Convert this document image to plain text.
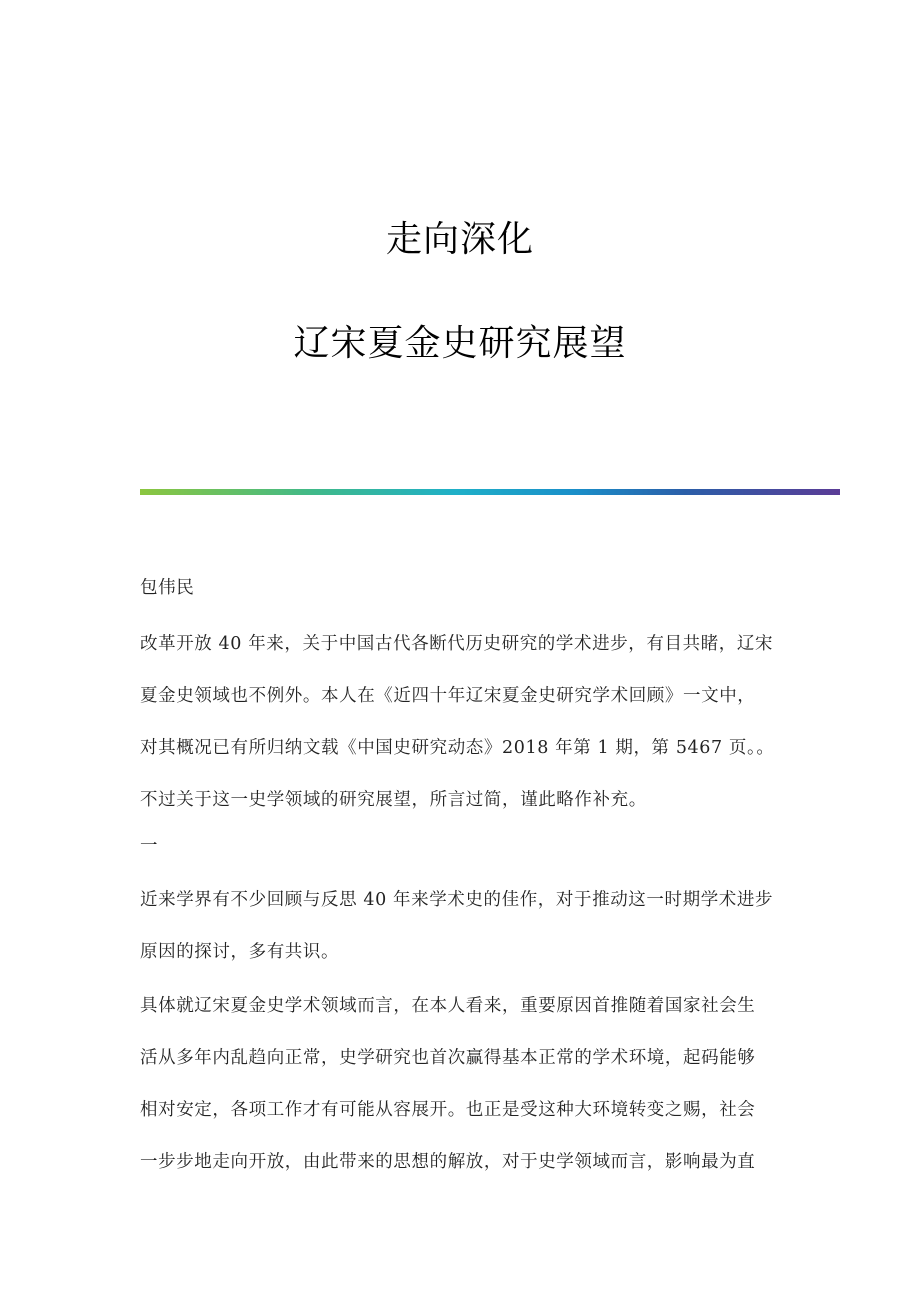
走向深化
辽宋夏金史研究展望
包伟民
改革开放 40 年来，关于中国古代各断代历史研究的学术进步，有目共睹，辽宋
夏金史领域也不例外。本人在《近四十年辽宋夏金史研究学术回顾》一文中，
对其概况已有所归纳文载《中国史研究动态》2018 年第 1 期，第 5467 页。。
不过关于这一史学领域的研究展望，所言过简，谨此略作补充。
一
近来学界有不少回顾与反思 40 年来学术史的佳作，对于推动这一时期学术进步
原因的探讨，多有共识。
具体就辽宋夏金史学术领域而言，在本人看来，重要原因首推随着国家社会生
活从多年内乱趋向正常，史学研究也首次赢得基本正常的学术环境，起码能够
相对安定，各项工作才有可能从容展开。也正是受这种大环境转变之赐，社会
一步步地走向开放，由此带来的思想的解放，对于史学领域而言，影响最为直
